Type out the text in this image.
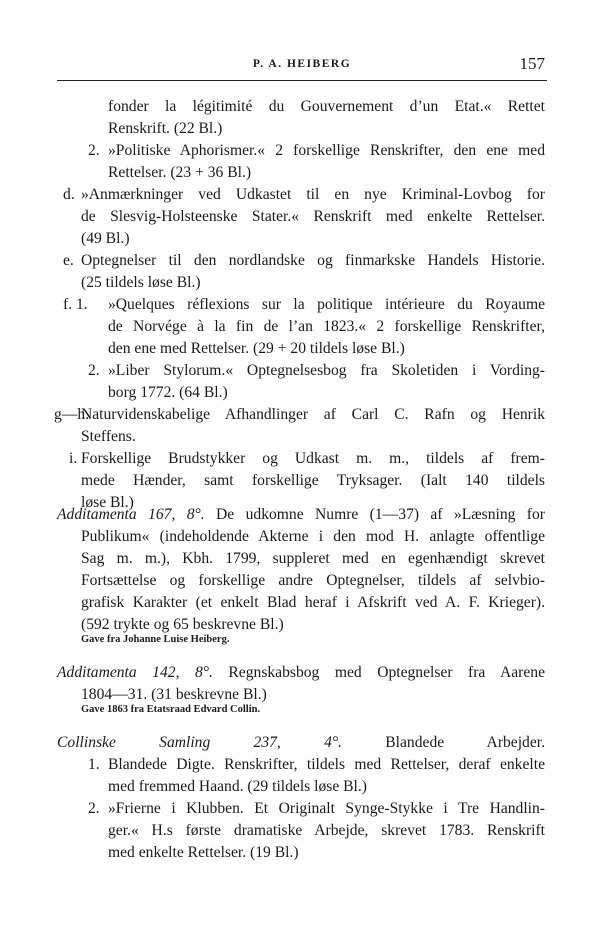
P. A. HEIBERG	157
fonder la légitimité du Gouvernement d’un Etat.« Rettet
Renskrift. (22 Bl.)
»Politiske Aphorismer.« 2 forskellige Renskrifter, den ene med
Rettelser. (23 + 36 Bl.)
»Anmærkninger ved Udkastet til en nye Kriminal-Lovbog for
de Slesvig-Holsteenske Stater.« Renskrift med enkelte Rettelser.
(49 Bl.)
Optegnelser til den nordlandske og finmarkske Handels Historie.
(25 tildels løse Bl.)
»Quelques réflexions sur la politique intérieure du Royaume
de Norvége à la fin de l’an 1823.« 2 forskellige Renskrifter,
den ene med Rettelser. (29 + 20 tildels løse Bl.)
»Liber Stylorum.« Optegnelsesbog fra Skoletiden i Vording-
borg 1772. (64 Bl.)
Naturvidenskabelige Afhandlinger af Carl C. Rafn og Henrik
Steffens.
Forskellige Brudstykker og Udkast m. m., tildels af frem-
mede Hænder, samt forskellige Tryksager. (Ialt 140 tildels
løse Bl.)
Publikum« (indeholdende Akterne i den mod H. anlagte offentlige
Sag m. m.), Kbh. 1799, suppleret med en egenhændigt skrevet
Fortsættelse og forskellige andre Optegnelser, tildels af selvbio-
grafisk Karakter (et enkelt Blad heraf i Afskrift ved A. F. Krieger).
(592 trykte og 65 beskrevne Bl.)
1804—31. (31 beskrevne Bl.)
Blandede Digte. Renskrifter, tildels med Rettelser, deraf enkelte
med fremmed Haand. (29 tildels løse Bl.)
»Frierne i Klubben. Et Originalt Synge-Stykke i Tre Handlin-
ger.« H.s første dramatiske Arbejde, skrevet 1783. Renskrift
med enkelte Rettelser. (19 Bl.)
2.
d.
e.
f. 1.
2.
g—h.
i.
1.
2.
Additamenta 167, 8°. De udkomne Numre (1—37) af »Læsning for
Additamenta 142, 8°. Regnskabsbog med Optegnelser fra Aarene
Collinske Samling 237, 4°. Blandede Arbejder.
Gave fra Johanne Luise Heiberg.
Gave 1863 fra Etatsraad Edvard Collin.
